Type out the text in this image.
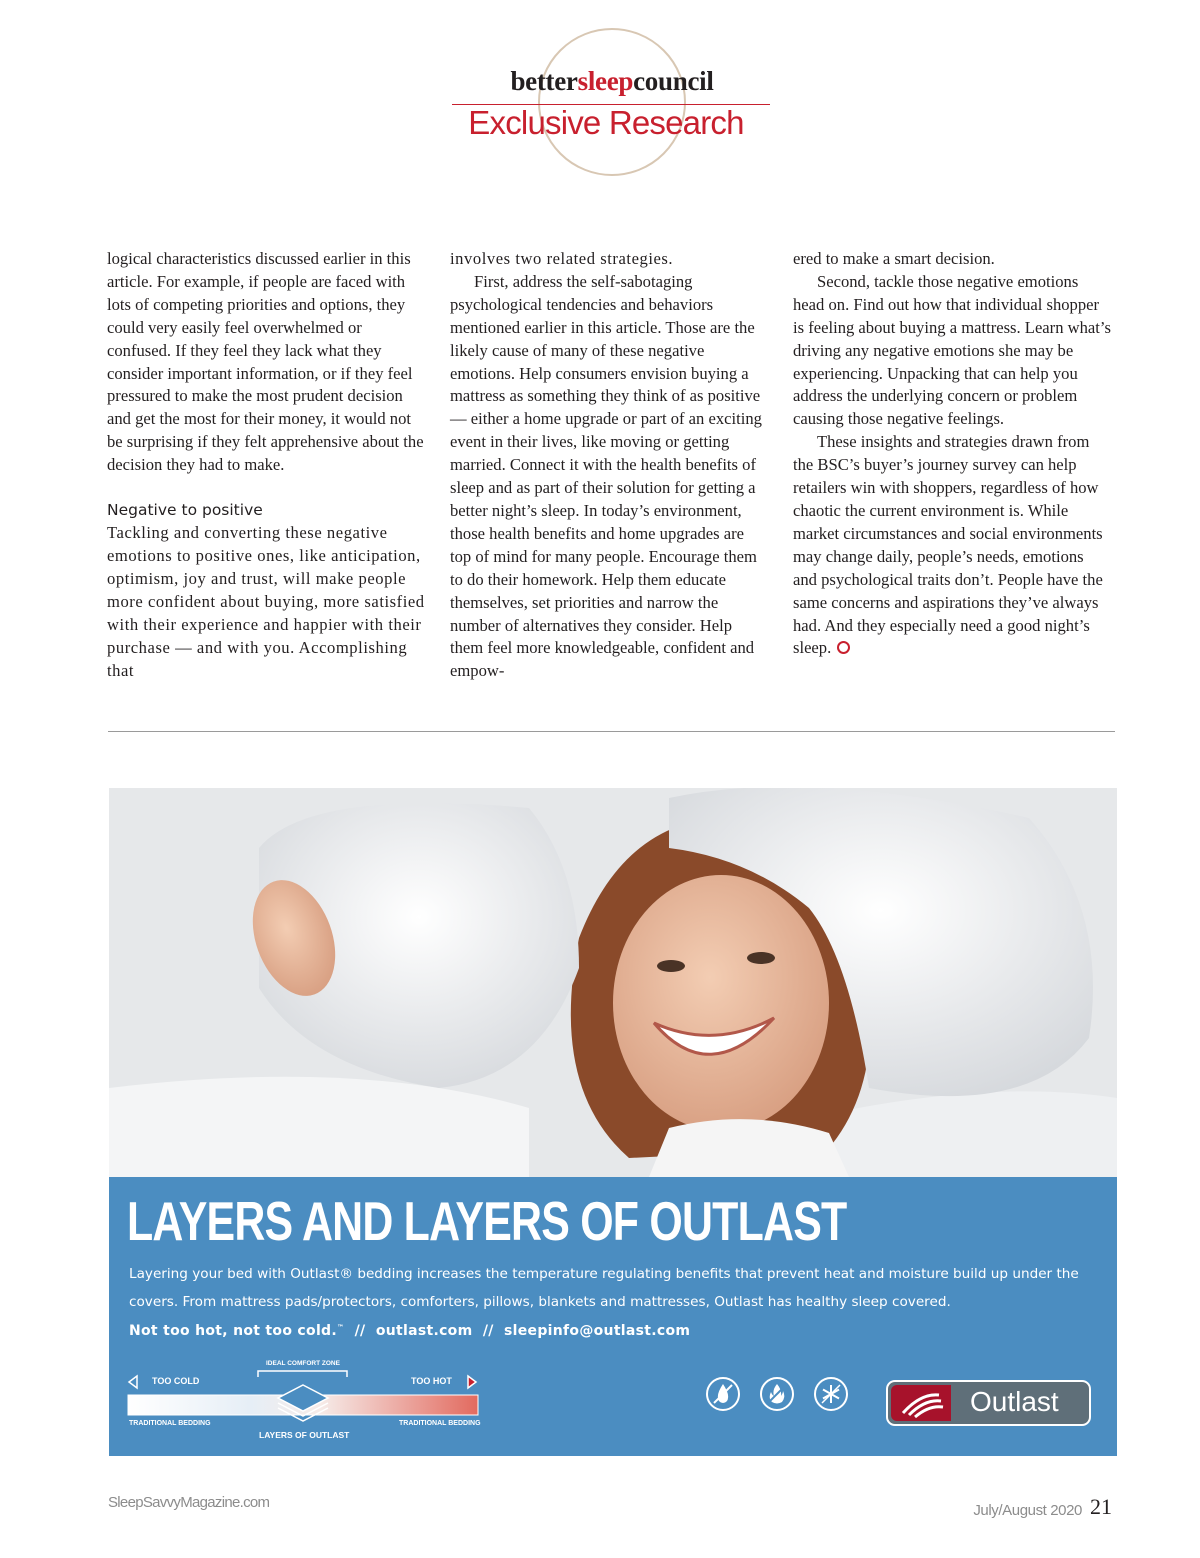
bettersleepcouncil
Exclusive Research

logical characteristics discussed earlier in this article. For example, if people are faced with lots of competing priorities and options, they could very easily feel overwhelmed or confused. If they feel they lack what they consider important information, or if they feel pressured to make the most prudent decision and get the most for their money, it would not be surprising if they felt apprehensive about the decision they had to make.

Negative to positive

Tackling and converting these negative emotions to positive ones, like anticipation, optimism, joy and trust, will make people more confident about buying, more satisfied with their experience and happier with their purchase — and with you. Accomplishing that

involves two related strategies.

First, address the self-sabotaging psychological tendencies and behaviors mentioned earlier in this article. Those are the likely cause of many of these negative emotions. Help consumers envision buying a mattress as something they think of as positive — either a home upgrade or part of an exciting event in their lives, like moving or getting married. Connect it with the health benefits of sleep and as part of their solution for getting a better night’s sleep. In today’s environment, those health benefits and home upgrades are top of mind for many people. Encourage them to do their homework. Help them educate themselves, set priorities and narrow the number of alternatives they consider. Help them feel more knowledgeable, confident and empow-

ered to make a smart decision.

Second, tackle those negative emotions head on. Find out how that individual shopper is feeling about buying a mattress. Learn what’s driving any negative emotions she may be experiencing. Unpacking that can help you address the underlying concern or problem causing those negative feelings.

These insights and strategies drawn from the BSC’s buyer’s journey survey can help retailers win with shoppers, regardless of how chaotic the current environment is. While market circumstances and social environments may change daily, people’s needs, emotions and psychological traits don’t. People have the same concerns and aspirations they’ve always had. And they especially need a good night’s sleep.

LAYERS AND LAYERS OF OUTLAST

Layering your bed with Outlast® bedding increases the temperature regulating benefits that prevent heat and moisture build up under the covers. From mattress pads/protectors, comforters, pillows, blankets and mattresses, Outlast has healthy sleep covered.

Not too hot, not too cold.™  //  outlast.com  //  sleepinfo@outlast.com
TOO COLD	TOO HOT
IDEAL COMFORT ZONE
TRADITIONAL BEDDING	TRADITIONAL BEDDING
LAYERS OF OUTLAST
Outlast
SleepSavvyMagazine.com	July/August 2020 21
